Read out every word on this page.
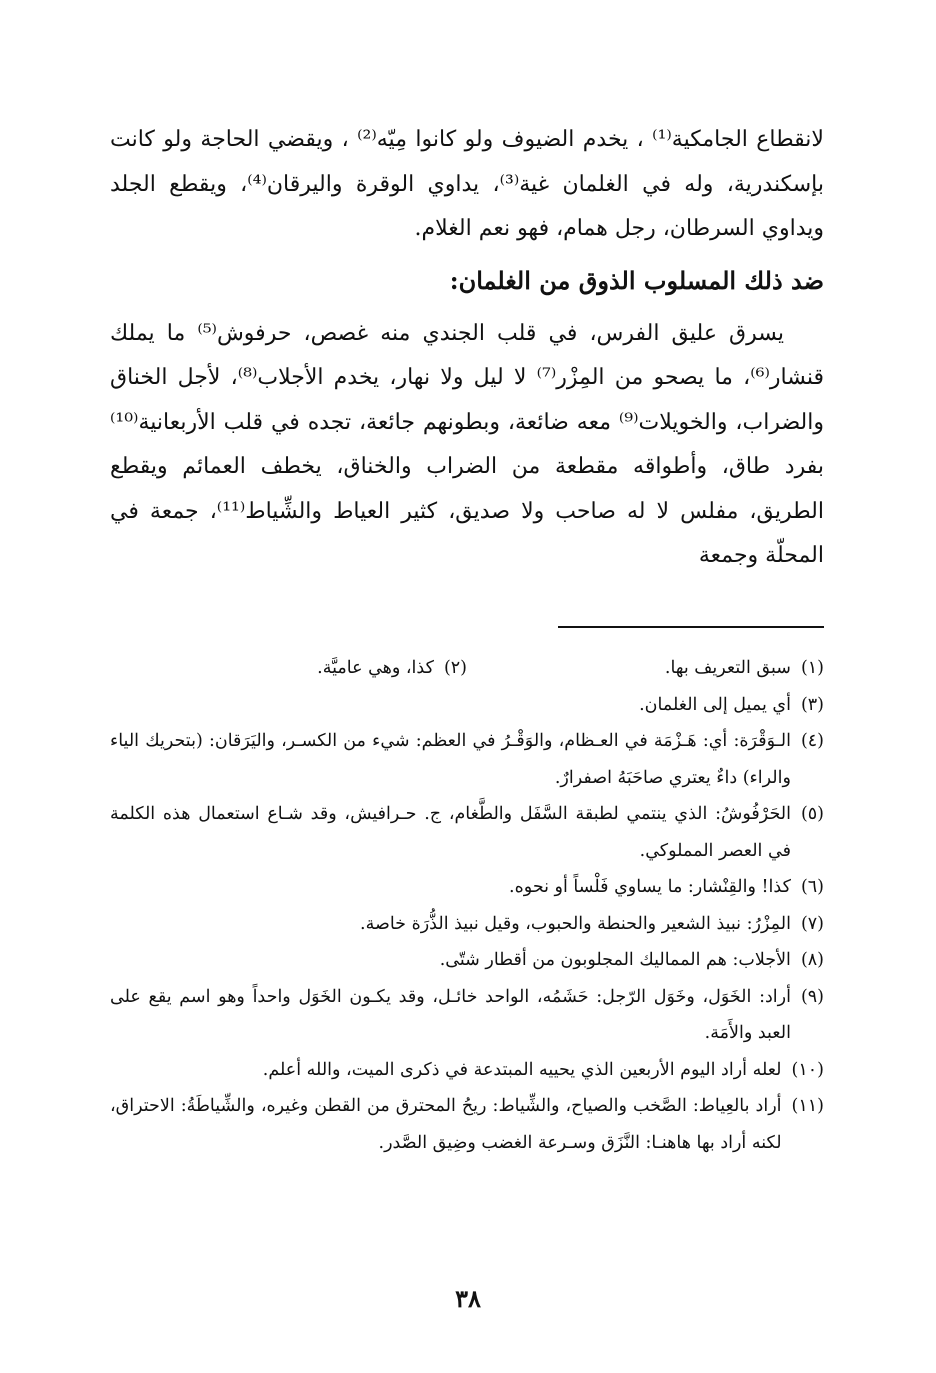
لانقطاع الجامكية⁽¹⁾ ، يخدم الضيوف ولو كانوا مِيّه⁽²⁾ ، ويقضي الحاجة ولو كانت بإسكندرية، وله في الغلمان غية⁽³⁾، يداوي الوقرة واليرقان⁽⁴⁾، ويقطع الجلد ويداوي السرطان، رجل همام، فهو نعم الغلام.

ضد ذلك المسلوب الذوق من الغلمان:

يسرق عليق الفرس، في قلب الجندي منه غصص، حرفوش⁽⁵⁾ ما يملك قنشار⁽⁶⁾، ما يصحو من المِزْر⁽⁷⁾ لا ليل ولا نهار، يخدم الأجلاب⁽⁸⁾، لأجل الخناق والضراب، والخويلات⁽⁹⁾ معه ضائعة، وبطونهم جائعة، تجده في قلب الأربعانية⁽¹⁰⁾ بفرد طاق، وأطواقه مقطعة من الضراب والخناق، يخطف العمائم ويقطع الطريق، مفلس لا له صاحب ولا صديق، كثير العياط والشِّياط⁽¹¹⁾، جمعة في المحلّة وجمعة

(١)
سبق التعريف بها.
(٢)
كذا، وهي عاميَّة.
(٣)
أي يميل إلى الغلمان.
(٤)
الـوَقْرَة: أي: هَـزْمَة في العـظام، والوَقْـرُ في العظم: شيء من الكسـر، واليَرَقان: (بتحريك الياء والراء) داءٌ يعتري صاحَبَهُ اصفرارٌ.
(٥)
الحَرْفُوشُ: الذي ينتمي لطبقة السَّفَل والطَّغام، ج. حـرافيش، وقد شـاع استعمال هذه الكلمة في العصر المملوكي.
(٦)
كذا! والقِنْشار: ما يساوي فَلْساً أو نحوه.
(٧)
المِزْرُ: نبيذ الشعير والحنطة والحبوب، وقيل نبيذ الذُّرَة خاصة.
(٨)
الأجلاب: هم المماليك المجلوبون من أقطار شتّى.
(٩)
أراد: الخَوَل، وخَوَل الرّجل: حَشَمُه، الواحد خائـل، وقد يكـون الخَوَل واحداً وهو اسم يقع على العبد والأَمَة.
(١٠)
لعله أراد اليوم الأربعين الذي يحييه المبتدعة في ذكرى الميت، والله أعلم.
(١١)
أراد بالعِياط: الصَّخب والصياح، والشِّياط: ريحُ المحترق من القطن وغيره، والشِّياطَةُ: الاحتراق، لكنه أراد بها هاهنـا: النَّزَق وسـرعة الغضب وضِيق الصَّدر.
٣٨
